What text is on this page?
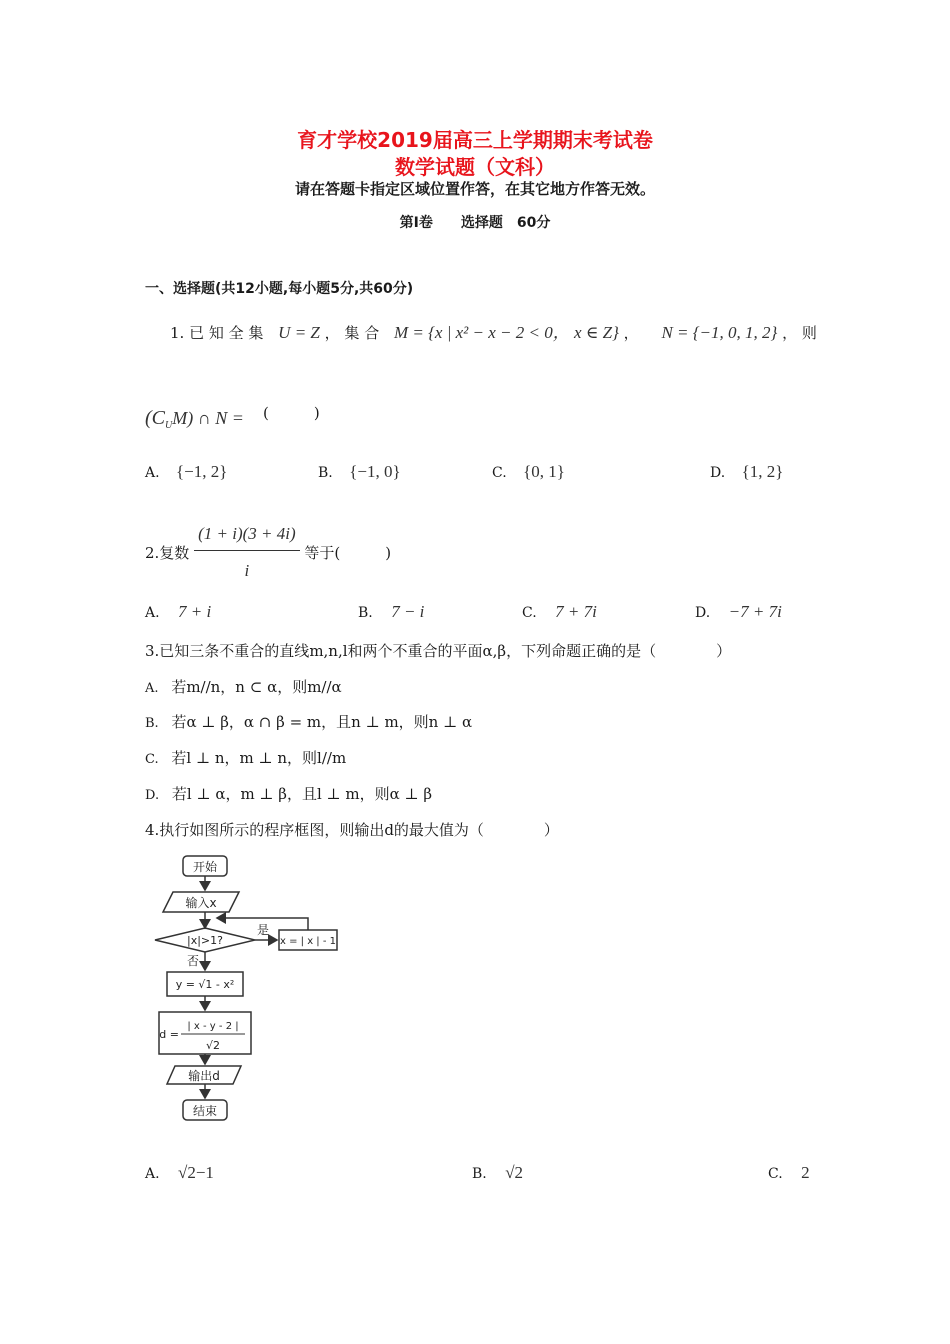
育才学校2019届高三上学期期末考试卷
数学试题（文科）
请在答题卡指定区域位置作答，在其它地方作答无效。
第Ⅰ卷　　选择题　60分
一、选择题(共12小题,每小题5分,共60分)
1. 已 知 全 集 U = Z ， 集 合 M = {x | x² − x − 2 < 0， x ∈ Z} ， N = {−1, 0, 1, 2} ， 则
$(C_UM)$ ∩ N = (　　　)
A. {−1, 2}	B. {−1, 0}	C. {0, 1}	D. {1, 2}
2.复数 $\frac{(1 + i)(3 + 4i)}{i}$ 等于(　　　)
A. 7 + i	B. 7 − i	C. 7 + 7i	D. −7 + 7i
3.已知三条不重合的直线m,n,l和两个不重合的平面α,β，下列命题正确的是（　　　　）
A. 若m//n，n ⊂ α，则m//α
B. 若α ⊥ β，α ∩ β = m，且n ⊥ m，则n ⊥ α
C. 若l ⊥ n，m ⊥ n，则l//m
D. 若l ⊥ α，m ⊥ β，且l ⊥ m，则α ⊥ β
4.执行如图所示的程序框图，则输出d的最大值为（　　　　）
开始
输入x
|x|>1?
是
否
x = | x | - 1
y = √1 - x²
d =
| x - y - 2 |
√2
输出d
结束
A. √2−1	B. √2	C. 2
